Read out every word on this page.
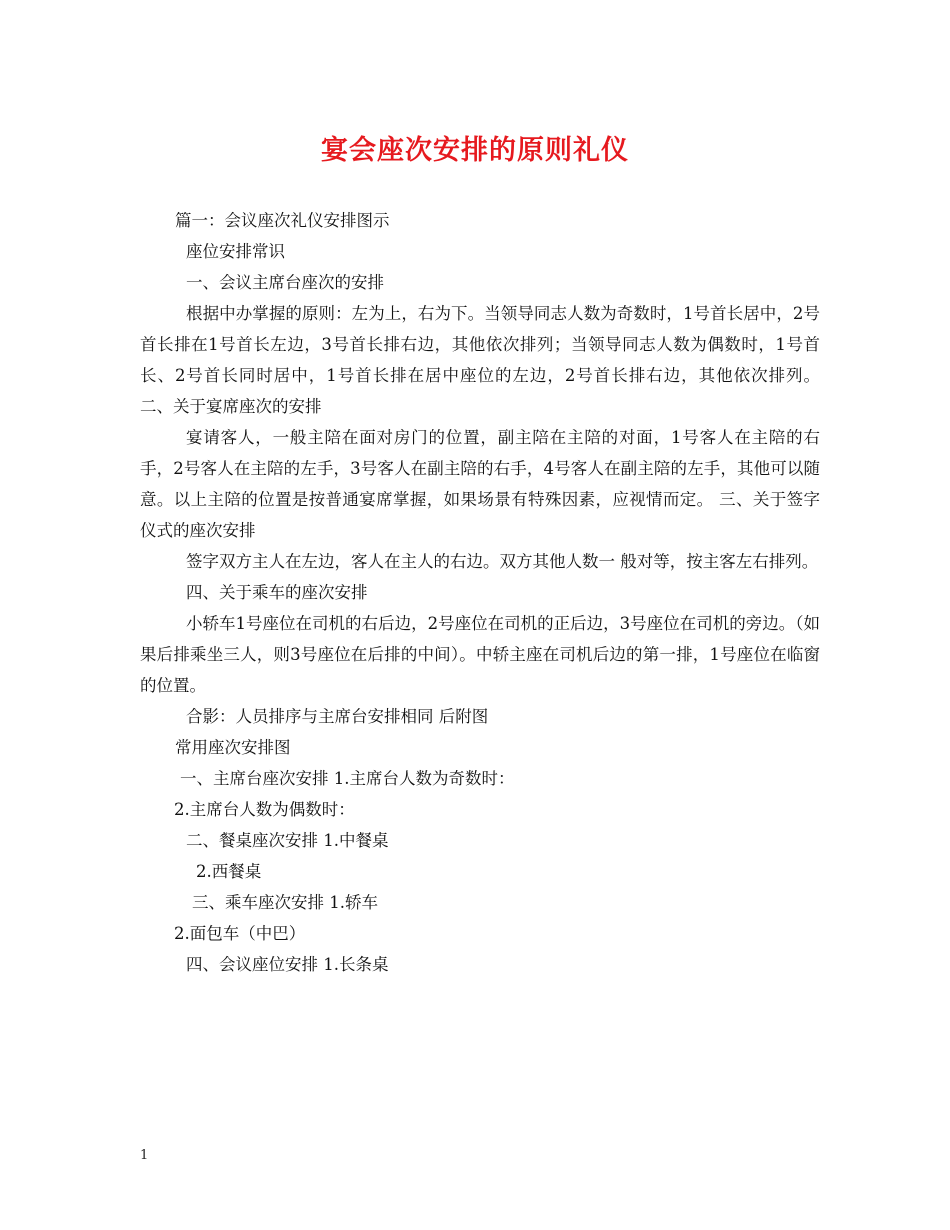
宴会座次安排的原则礼仪

篇一：会议座次礼仪安排图示

座位安排常识

一、会议主席台座次的安排

根据中办掌握的原则：左为上，右为下。当领导同志人数为奇数时，1号首长居中，2号首长排在1号首长左边，3号首长排右边，其他依次排列；当领导同志人数为偶数时，1号首长、2号首长同时居中，1号首长排在居中座位的左边，2号首长排右边，其他依次排列。 二、关于宴席座次的安排

宴请客人，一般主陪在面对房门的位置，副主陪在主陪的对面，1号客人在主陪的右手，2号客人在主陪的左手，3号客人在副主陪的右手，4号客人在副主陪的左手，其他可以随意。以上主陪的位置是按普通宴席掌握，如果场景有特殊因素，应视情而定。 三、关于签字仪式的座次安排

签字双方主人在左边，客人在主人的右边。双方其他人数一 般对等，按主客左右排列。

四、关于乘车的座次安排

小轿车1号座位在司机的右后边，2号座位在司机的正后边，3号座位在司机的旁边。（如果后排乘坐三人，则3号座位在后排的中间）。中轿主座在司机后边的第一排，1号座位在临窗的位置。

合影：人员排序与主席台安排相同 后附图

常用座次安排图

一、主席台座次安排 1.主席台人数为奇数时：

2.主席台人数为偶数时：

二、餐桌座次安排 1.中餐桌

2.西餐桌

三、乘车座次安排 1.轿车

2.面包车（中巴）

四、会议座位安排 1.长条桌

1
